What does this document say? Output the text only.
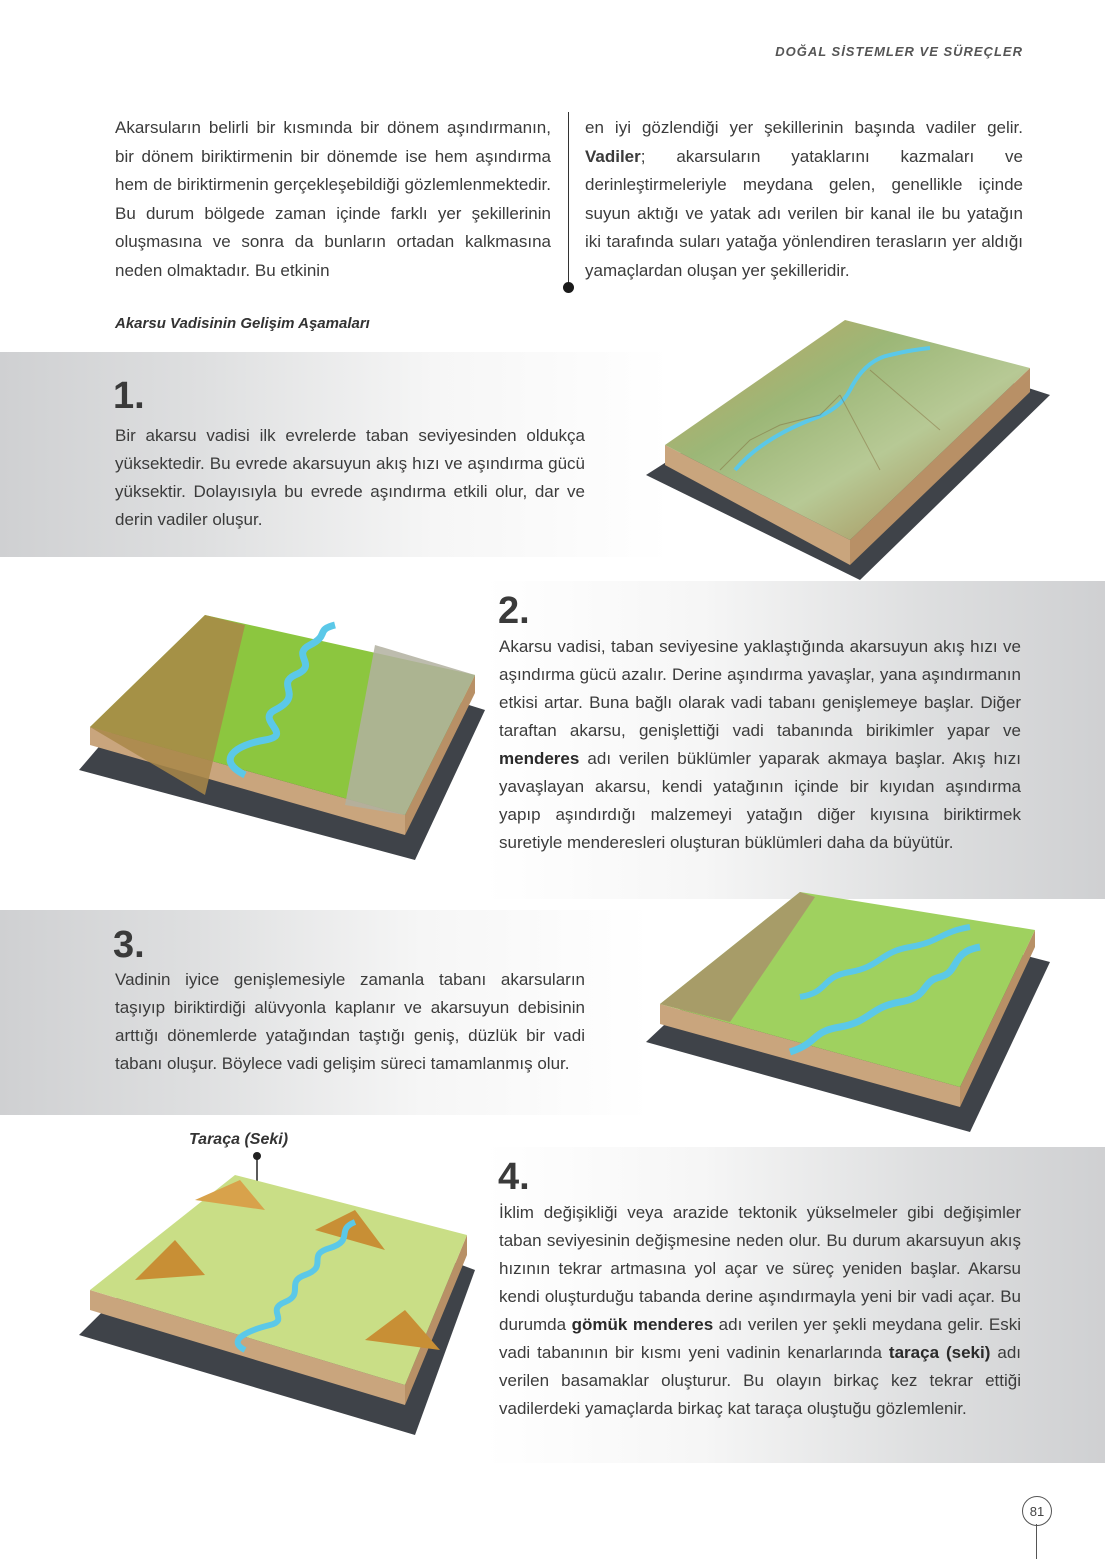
DOĞAL SİSTEMLER VE SÜREÇLER
Akarsuların belirli bir kısmında bir dönem aşındırmanın, bir dönem biriktirmenin bir dönemde ise hem aşındırma hem de biriktirmenin gerçekleşebildiği gözlemlenmektedir. Bu durum bölgede zaman içinde farklı yer şekillerinin oluşmasına ve sonra da bunların ortadan kalkmasına neden olmaktadır. Bu etkinin
en iyi gözlendiği yer şekillerinin başında vadiler gelir. Vadiler; akarsuların yataklarını kazmaları ve derinleştirmeleriyle meydana gelen, genellikle içinde suyun aktığı ve yatak adı verilen bir kanal ile bu yatağın iki tarafında suları yatağa yönlendiren terasların yer aldığı yamaçlardan oluşan yer şekilleridir.
Akarsu Vadisinin Gelişim Aşamaları
1.
Bir akarsu vadisi ilk evrelerde taban seviyesinden oldukça yüksektedir. Bu evrede akarsuyun akış hızı ve aşındırma gücü yüksektir. Dolayısıyla bu evrede aşındırma etkili olur, dar ve derin vadiler oluşur.
2.
Akarsu vadisi, taban seviyesine yaklaştığında akarsuyun akış hızı ve aşındırma gücü azalır. Derine aşındırma yavaşlar, yana aşındırmanın etkisi artar. Buna bağlı olarak vadi tabanı genişlemeye başlar. Diğer taraftan akarsu, genişlettiği vadi tabanında birikimler yapar ve menderes adı verilen büklümler yaparak akmaya başlar. Akış hızı yavaşlayan akarsu, kendi yatağının içinde bir kıyıdan aşındırma yapıp aşındırdığı malzemeyi yatağın diğer kıyısına biriktirmek suretiyle menderesleri oluşturan büklümleri daha da büyütür.
3.
Vadinin iyice genişlemesiyle zamanla tabanı akarsuların taşıyıp biriktirdiği alüvyonla kaplanır ve akarsuyun debisinin arttığı dönemlerde yatağından taştığı geniş, düzlük bir vadi tabanı oluşur. Böylece vadi gelişim süreci tamamlanmış olur.
Taraça (Seki)
4.
İklim değişikliği veya arazide tektonik yükselmeler gibi değişimler taban seviyesinin değişmesine neden olur. Bu durum akarsuyun akış hızının tekrar artmasına yol açar ve süreç yeniden başlar. Akarsu kendi oluşturduğu tabanda derine aşındırmayla yeni bir vadi açar. Bu durumda gömük menderes adı verilen yer şekli meydana gelir. Eski vadi tabanının bir kısmı yeni vadinin kenarlarında taraça (seki) adı verilen basamaklar oluşturur. Bu olayın birkaç kez tekrar ettiği vadilerdeki yamaçlarda birkaç kat taraça oluştuğu gözlemlenir.
81
